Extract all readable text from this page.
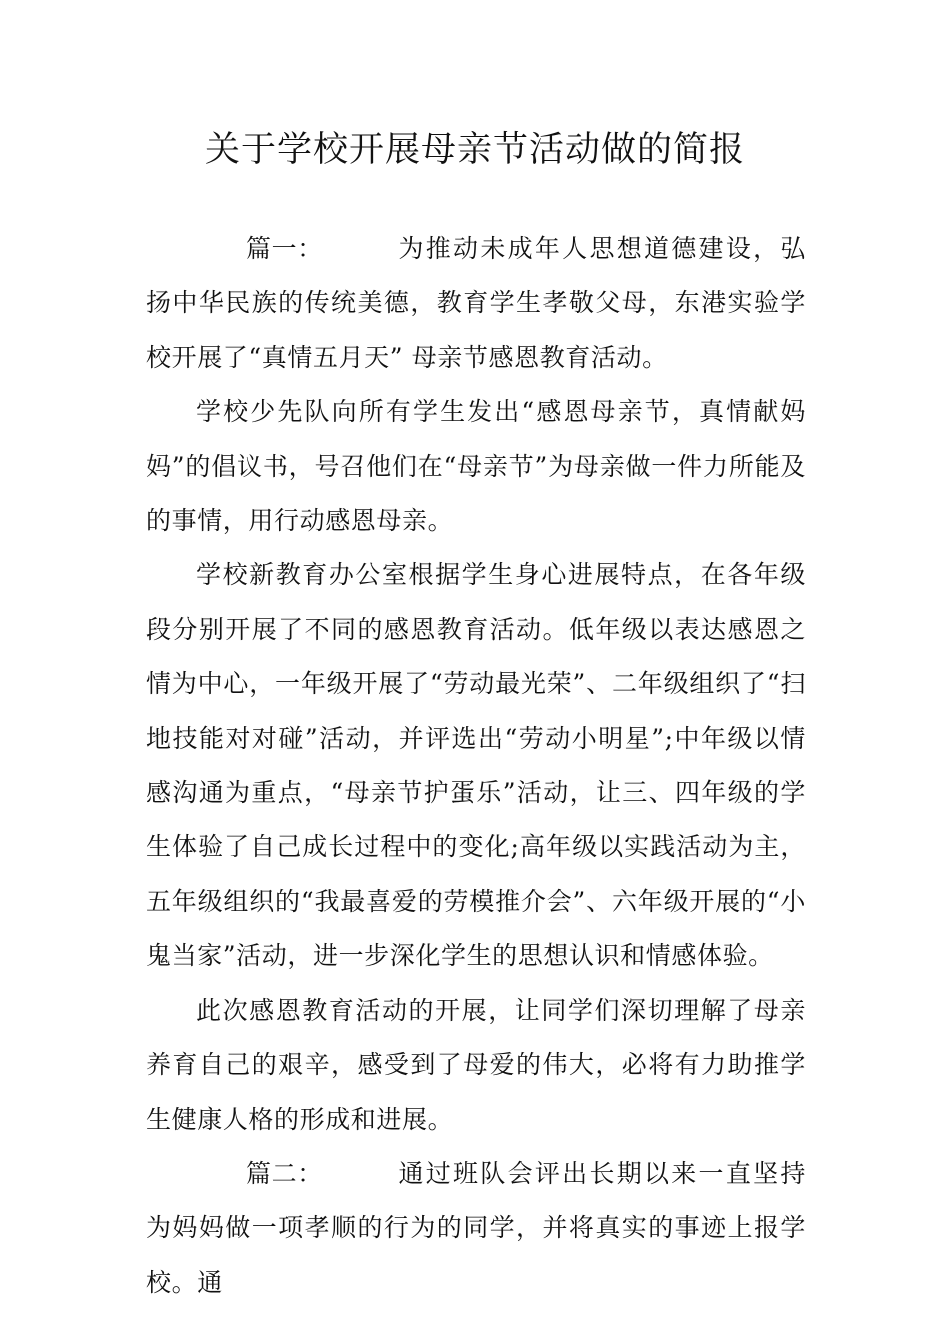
关于学校开展母亲节活动做的简报

篇一：	为推动未成年人思想道德建设，弘扬中华民族的传统美德，教育学生孝敬父母，东港实验学校开展了“真情五月天” 母亲节感恩教育活动。

学校少先队向所有学生发出“感恩母亲节，真情献妈妈”的倡议书，号召他们在“母亲节”为母亲做一件力所能及的事情，用行动感恩母亲。

学校新教育办公室根据学生身心进展特点，在各年级段分别开展了不同的感恩教育活动。低年级以表达感恩之情为中心，一年级开展了“劳动最光荣”、二年级组织了“扫地技能对对碰”活动，并评选出“劳动小明星”;中年级以情感沟通为重点，“母亲节护蛋乐”活动，让三、四年级的学生体验了自己成长过程中的变化;高年级以实践活动为主，五年级组织的“我最喜爱的劳模推介会”、六年级开展的“小鬼当家”活动，进一步深化学生的思想认识和情感体验。

此次感恩教育活动的开展，让同学们深切理解了母亲养育自己的艰辛，感受到了母爱的伟大，必将有力助推学生健康人格的形成和进展。

篇二：	通过班队会评出长期以来一直坚持为妈妈做一项孝顺的行为的同学，并将真实的事迹上报学校。通
